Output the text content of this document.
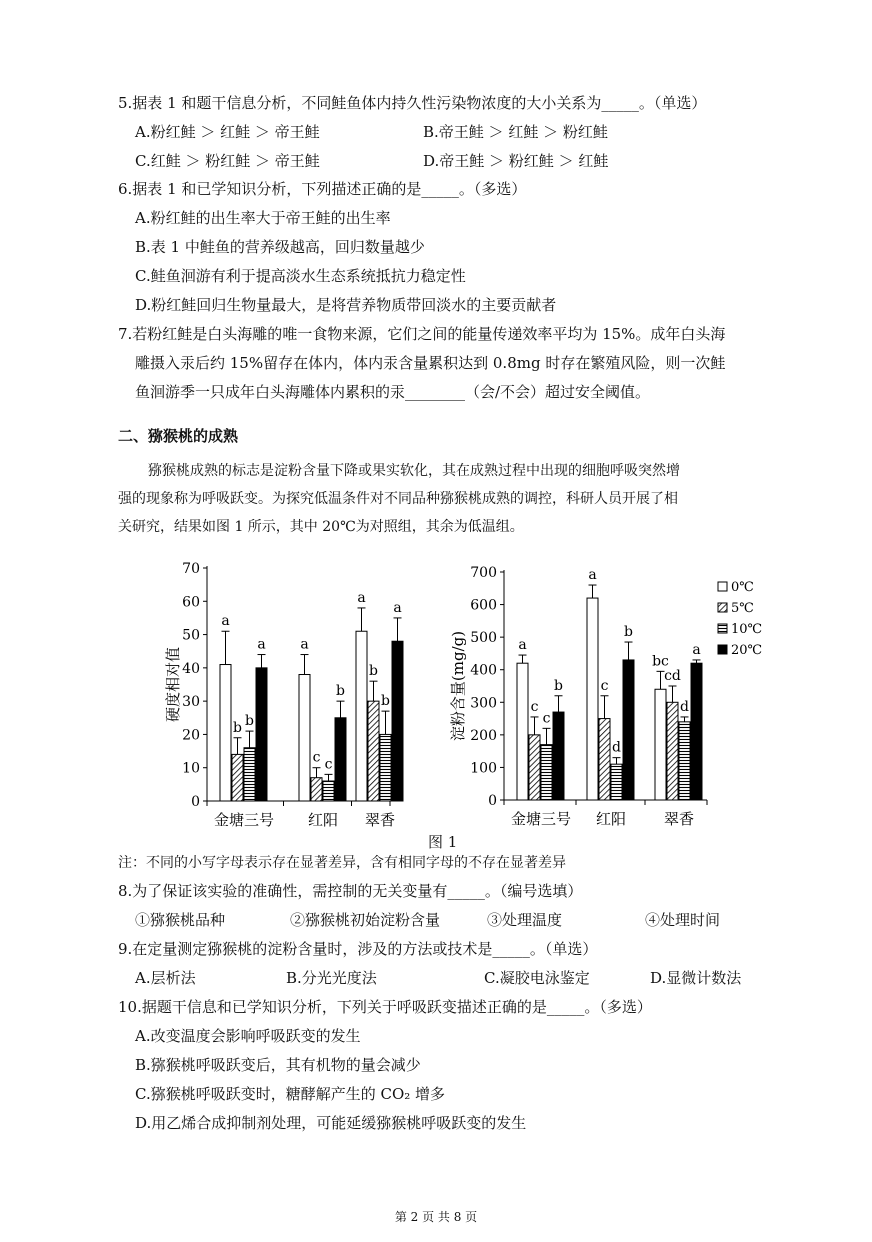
5.据表 1 和题干信息分析，不同鲑鱼体内持久性污染物浓度的大小关系为_____。（单选）
A.粉红鲑 ＞ 红鲑 ＞ 帝王鲑	B.帝王鲑 ＞ 红鲑 ＞ 粉红鲑
C.红鲑 ＞ 粉红鲑 ＞ 帝王鲑	D.帝王鲑 ＞ 粉红鲑 ＞ 红鲑
6.据表 1 和已学知识分析，下列描述正确的是_____。（多选）
A.粉红鲑的出生率大于帝王鲑的出生率
B.表 1 中鲑鱼的营养级越高，回归数量越少
C.鲑鱼洄游有利于提高淡水生态系统抵抗力稳定性
D.粉红鲑回归生物量最大，是将营养物质带回淡水的主要贡献者
7.若粉红鲑是白头海雕的唯一食物来源，它们之间的能量传递效率平均为 15%。成年白头海
雕摄入汞后约 15%留存在体内，体内汞含量累积达到 0.8mg 时存在繁殖风险，则一次鲑
鱼洄游季一只成年白头海雕体内累积的汞________（会/不会）超过安全阈值。
二、猕猴桃的成熟
猕猴桃成熟的标志是淀粉含量下降或果实软化，其在成熟过程中出现的细胞呼吸突然增
强的现象称为呼吸跃变。为探究低温条件对不同品种猕猴桃成熟的调控，科研人员开展了相
关研究，结果如图 1 所示，其中 20℃为对照组，其余为低温组。
0
10
20
30
40
50
60
70
硬度相对值
a
b b
a
金塘三号
a
c c
b
红阳
a
b
b
a
翠香
0
100
200
300
400
500
600
700
淀粉含量(mg/g)	a
c
c
b
金塘三号
a
c
d
b
红阳
bc
cd
d
a
翠香
0℃
5℃
10℃
20℃
图 1
注：不同的小写字母表示存在显著差异，含有相同字母的不存在显著差异
8.为了保证该实验的准确性，需控制的无关变量有_____。（编号选填）
①猕猴桃品种	②猕猴桃初始淀粉含量	③处理温度	④处理时间
9.在定量测定猕猴桃的淀粉含量时，涉及的方法或技术是_____。（单选）
A.层析法	B.分光光度法	C.凝胶电泳鉴定	D.显微计数法
10.据题干信息和已学知识分析，下列关于呼吸跃变描述正确的是_____。（多选）
A.改变温度会影响呼吸跃变的发生
B.猕猴桃呼吸跃变后，其有机物的量会减少
C.猕猴桃呼吸跃变时，糖酵解产生的 CO₂ 增多
D.用乙烯合成抑制剂处理，可能延缓猕猴桃呼吸跃变的发生
第 2 页 共 8 页
